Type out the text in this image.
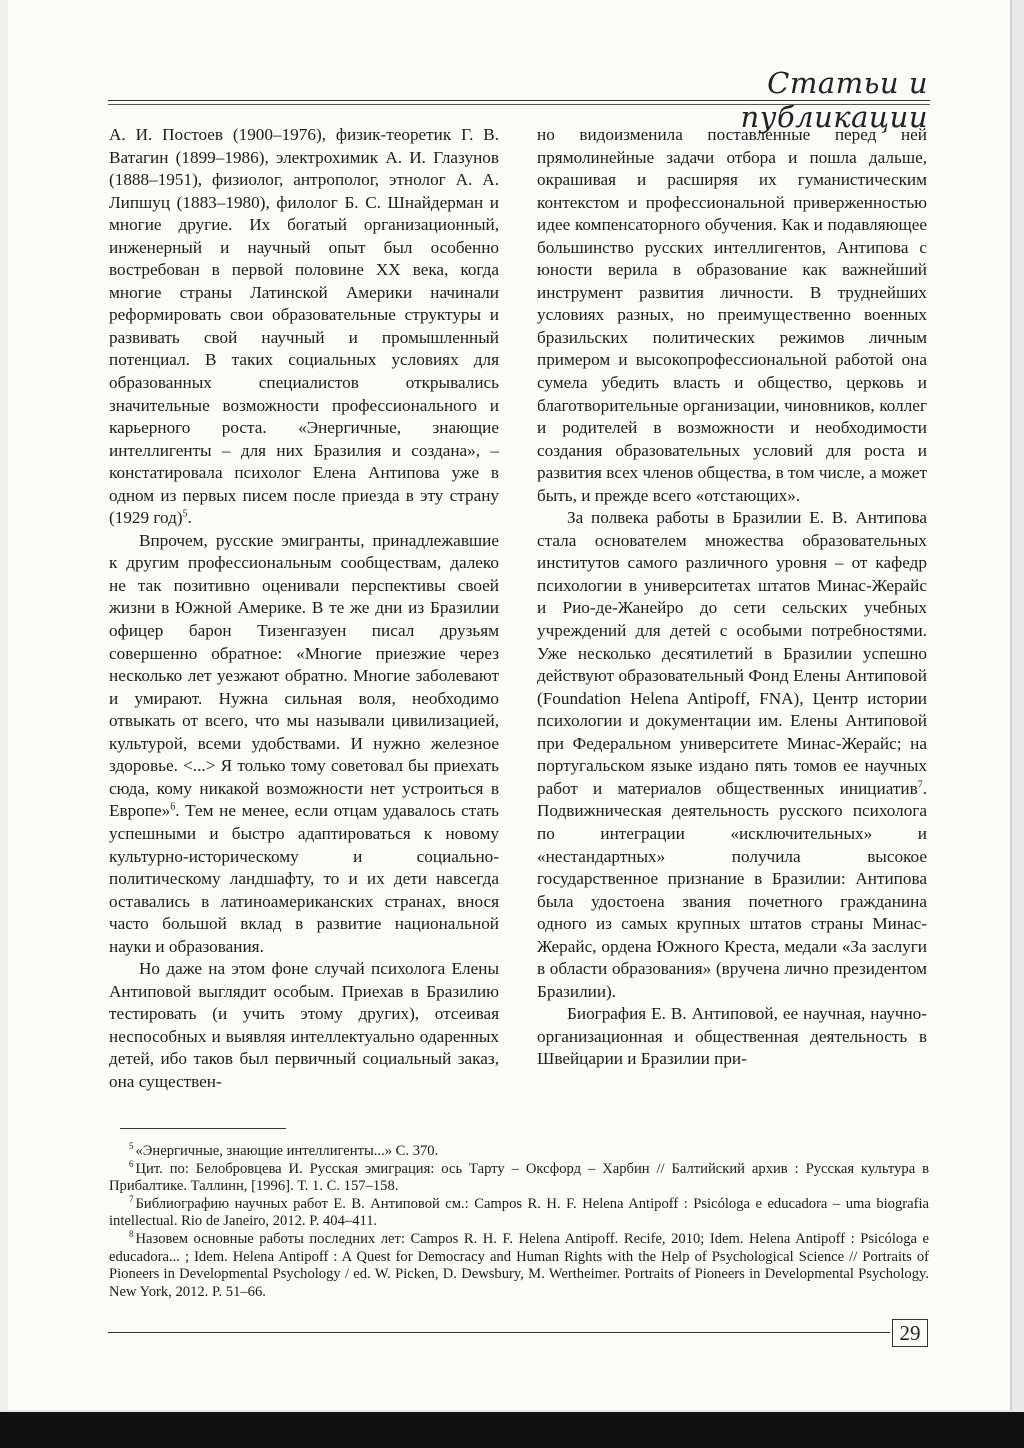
Статьи и публикации

А. И. Постоев (1900–1976), физик-теоретик Г. В. Ватагин (1899–1986), электрохимик А. И. Глазунов (1888–1951), физиолог, антрополог, этнолог А. А. Липшуц (1883–1980), филолог Б. С. Шнайдерман и многие другие. Их богатый организационный, инженерный и научный опыт был особенно востребован в первой половине XX века, когда многие страны Латинской Америки начинали реформировать свои образовательные структуры и развивать свой научный и промышленный потенциал. В таких социальных условиях для образованных специалистов открывались значительные возможности профессионального и карьерного роста. «Энергичные, знающие интеллигенты – для них Бразилия и создана», – констатировала психолог Елена Антипова уже в одном из первых писем после приезда в эту страну (1929 год)$^5$.

Впрочем, русские эмигранты, принадлежавшие к другим профессиональным сообществам, далеко не так позитивно оценивали перспективы своей жизни в Южной Америке. В те же дни из Бразилии офицер барон Тизенгазуен писал друзьям совершенно обратное: «Многие приезжие через несколько лет уезжают обратно. Многие заболевают и умирают. Нужна сильная воля, необходимо отвыкать от всего, что мы называли цивилизацией, культурой, всеми удобствами. И нужно железное здоровье. <...> Я только тому советовал бы приехать сюда, кому никакой возможности нет устроиться в Европе»$^6$. Тем не менее, если отцам удавалось стать успешными и быстро адаптироваться к новому культурно-историческому и социально-политическому ландшафту, то и их дети навсегда оставались в латиноамериканских странах, внося часто большой вклад в развитие национальной науки и образования.

Но даже на этом фоне случай психолога Елены Антиповой выглядит особым. Приехав в Бразилию тестировать (и учить этому других), отсеивая неспособных и выявляя интеллектуально одаренных детей, ибо таков был первичный социальный заказ, она существен-

но видоизменила поставленные перед ней прямолинейные задачи отбора и пошла дальше, окрашивая и расширяя их гуманистическим контекстом и профессиональной приверженностью идее компенсаторного обучения. Как и подавляющее большинство русских интеллигентов, Антипова с юности верила в образование как важнейший инструмент развития личности. В труднейших условиях разных, но преимущественно военных бразильских политических режимов личным примером и высокопрофессиональной работой она сумела убедить власть и общество, церковь и благотворительные организации, чиновников, коллег и родителей в возможности и необходимости создания образовательных условий для роста и развития всех членов общества, в том числе, а может быть, и прежде всего «отстающих».

За полвека работы в Бразилии Е. В. Антипова стала основателем множества образовательных институтов самого различного уровня – от кафедр психологии в университетах штатов Минас-Жерайс и Рио-де-Жанейро до сети сельских учебных учреждений для детей с особыми потребностями. Уже несколько десятилетий в Бразилии успешно действуют образовательный Фонд Елены Антиповой (Foundation Helena Antipoff, FNA), Центр истории психологии и документации им. Елены Антиповой при Федеральном университете Минас-Жерайс; на португальском языке издано пять томов ее научных работ и материалов общественных инициатив$^7$. Подвижническая деятельность русского психолога по интеграции «исключительных» и «нестандартных» получила высокое государственное признание в Бразилии: Антипова была удостоена звания почетного гражданина одного из самых крупных штатов страны Минас-Жерайс, ордена Южного Креста, медали «За заслуги в области образования» (вручена лично президентом Бразилии).

Биография Е. В. Антиповой, ее научная, научно-организационная и общественная деятельность в Швейцарии и Бразилии при-

$^5$ «Энергичные, знающие интеллигенты...» С. 370.

$^6$ Цит. по: Белобровцева И. Русская эмиграция: ось Тарту – Оксфорд – Харбин // Балтийский архив : Русская культура в Прибалтике. Таллинн, [1996]. Т. 1. С. 157–158.

$^7$ Библиографию научных работ Е. В. Антиповой см.: Campos R. H. F. Helena Antipoff : Psicóloga e educadora – uma biografia intellectual. Rio de Janeiro, 2012. P. 404–411.

$^8$ Назовем основные работы последних лет: Campos R. H. F. Helena Antipoff. Recife, 2010; Idem. Helena Antipoff : Psicóloga e educadora... ; Idem. Helena Antipoff : A Quest for Democracy and Human Rights with the Help of Psychological Science // Portraits of Pioneers in Developmental Psychology / ed. W. Picken, D. Dewsbury, M. Wertheimer. Portraits of Pioneers in Developmental Psychology. New York, 2012. P. 51–66.

29
